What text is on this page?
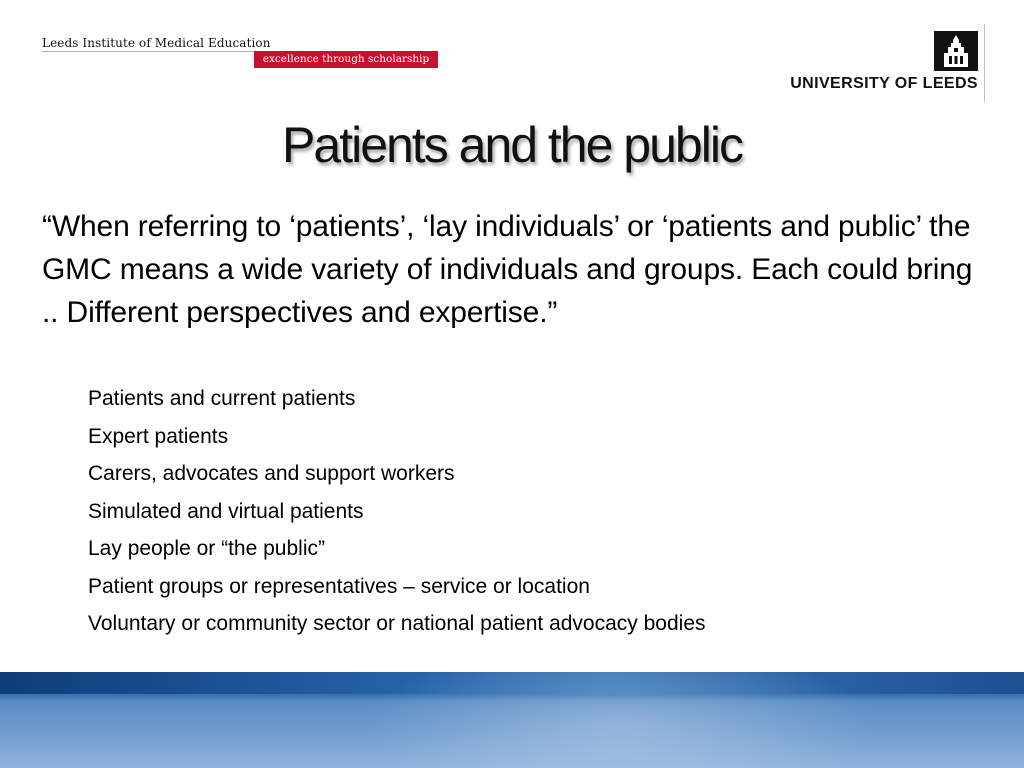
Leeds Institute of Medical Education
excellence through scholarship
UNIVERSITY OF LEEDS
Patients and the public
“When referring to ‘patients’, ‘lay individuals’ or ‘patients and public’ the GMC means a wide variety of individuals and groups. Each could bring .. Different perspectives and expertise.”
Patients and current patients
Expert patients
Carers, advocates and support workers
Simulated and virtual patients
Lay people or “the public”
Patient groups or representatives – service or location
Voluntary or community sector or national patient advocacy bodies
